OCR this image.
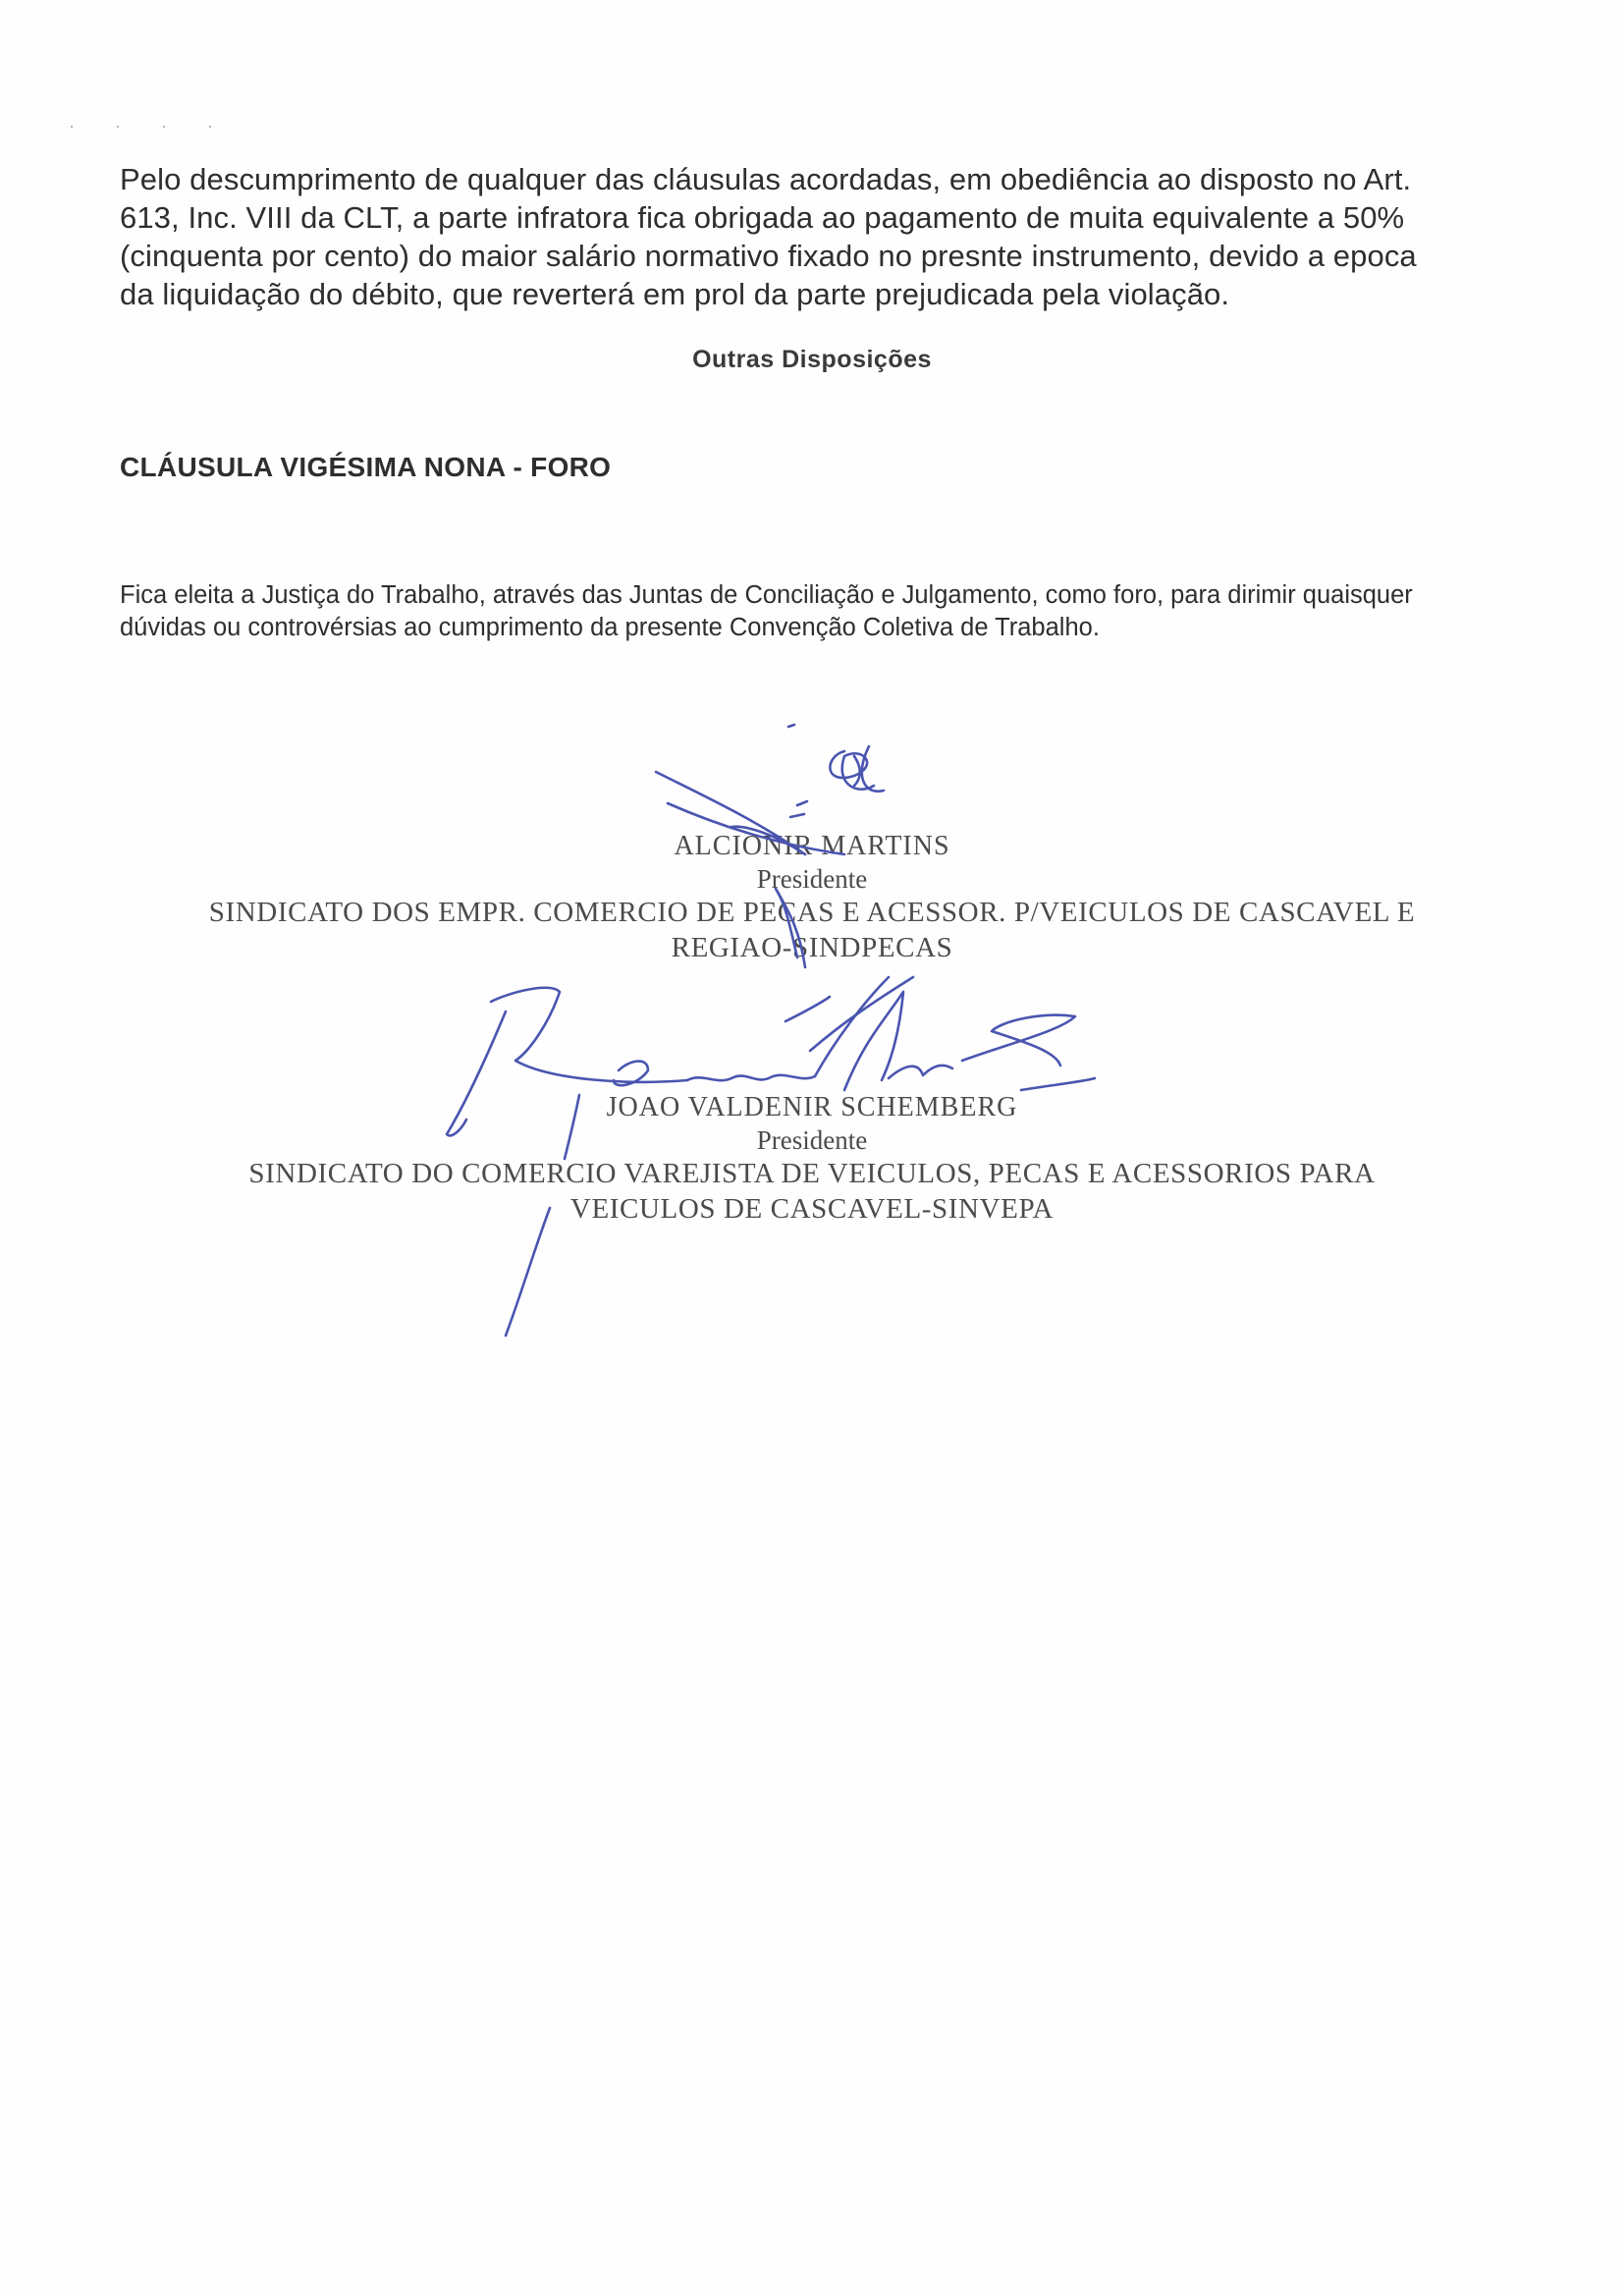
· · · ·

Pelo descumprimento de qualquer das cláusulas acordadas, em obediência ao disposto no Art. 613, Inc. VIII da CLT, a parte infratora fica obrigada ao pagamento de muita equivalente a 50% (cinquenta por cento) do maior salário normativo fixado no presnte instrumento, devido a epoca da liquidação do débito, que reverterá em prol da parte prejudicada pela violação.

Outras Disposições
CLÁUSULA VIGÉSIMA NONA - FORO

Fica eleita a Justiça do Trabalho, através das Juntas de Conciliação e Julgamento, como foro, para dirimir quaisquer dúvidas ou controvérsias ao cumprimento da presente Convenção Coletiva de Trabalho.

ALCIONIR MARTINS
Presidente
SINDICATO DOS EMPR. COMERCIO DE PECAS E ACESSOR. P/VEICULOS DE CASCAVEL E
REGIAO-SINDPECAS
JOAO VALDENIR SCHEMBERG
Presidente
SINDICATO DO COMERCIO VAREJISTA DE VEICULOS, PECAS E ACESSORIOS PARA
VEICULOS DE CASCAVEL-SINVEPA
